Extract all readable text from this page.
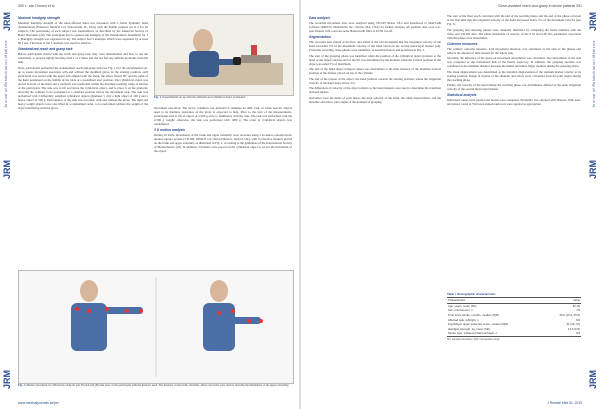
JRM
Journal of Rehabilitation Medicine
JRM
JRM
390 L. van Drunen et al.
Maximal handgrip strength

Maximal handgrip strength of the most-affected hand was measured with a Jamar hydraulic hand dynamometer (Patterson Medical Ltd, Warrenville, IL, USA) with the handle position set at 2 for all subjects. The positioning of each subject was standardized, as described by the American Society of Hand Therapists (22). The participant had to squeeze the handgrip of the dynamometer maximally for 3 s. Handgrip strength was expressed in kg. The subject had 3 attempts, which were separated by at least 60 s rest. The mean of the 3 attempts was used for analysis.

Standardized reach and grasp task

Before participants started with the reach and grasp task, they were instrumented and how to use the sensibality, to prepare lightly and they tried 1 or 2 times and did not feel any definite problems with this task.

Next, participants performed the standardized reach-and-grasp task (see Fig. 1) for the experimental set-up to assess movement execution with and without the modified glove. In the starting position, each participant was seated with the upper arm aligned with the trunk, the elbow flexed 90° and the palm of the hand positioned on the middle of the table at a predefined start position. The cylindrical object was placed in front of the hand and a platform was positioned within the maximal reaching range of motion of the participant. The task was to lift and move the cylindrical object, and to place it on the platform, allowing the cylinder to be positioned at a standard position before the movement task. The task was performed with 2 differently weighted cylindrical objects (diameter 5 cm): a light object of 100 g and a heavy object of 500 g. Performance of the task was recorded, with and without the glove. The light and heavy weight objects were also lifted in a randomized order, to be performed without the weight of the object interfering with the glove.

Fig. 1. Experimental set-up with the platform and cylindrical object positioned.

movement execution. The heavy condition was included to simulate an ADL task, as when heavier objects need to be handled, assistance of the glove is expected to help. Prior to the start of the measurements, participants had to lift an object of 2,500 g once to familiarize with the task. The task was performed with the 2,500 g weight; otherwise, the task was performed with 1000 g. The order of cylindrical objects was randomized.

3 D motion analysis

During all trials, movements of the trunk and upper extremity were recorded using a 6-camera optoelectronic motion-capture system (VICON, NEXUS 1.8, Oxford Metrics, Oxford, UK), with 9 reflective markers placed on the trunk and upper extremity as illustrated in Fig. 2, according to the guidelines of the International Society of Biomechanics (23). In addition, 3 markers were placed on the cylindrical object to record the movement of the object.

Fig. 2. Marker placement for 3D motion analysis. (A) Frontal and (B) side view of the participant with the markers used. The markers on the trunk, shoulder, elbow and wrist were used to describe the kinematics of the upper extremity.
www.medicaljournals.se/jrm
JRM
Journal of Rehabilitation Medicine
JRM
JRM
Glove-assisted reach-and-grasp in stroke patients 391
Data analysis

The recorded movement data were analysed using VICON Nexus 1.8.2 and transferred to MATLAB software (R2015b, MathWorks Inc., Natick, MA, USA) for further analysis. All position data were low-pass filtered with a second-order Butterworth filter at 20 Hz cut-off.

Segmentation

The recorded data started at the first, and ended at the last movement that the tangential velocity of the hand exceeded 5% of the maximum velocity of the hand based on the second metacarpal marker (24). From that recording, three phases were identified, as described below and presented in Fig. 3.

The start of the grasping phase was identified when the position of the cylindrical object (relative to the hand or the object) and the end of the lift was determined by the moment when the vertical position of the object exceeded 5% of maximum.

The end of the hand-object transport phase was determined at the time instance of the maximal vertical position of the marker placed on top of the cylinder.

The end of the release of the object, the hand position towards the starting position, where the tangential velocity of the hand drops below 5%.

The differences in velocity of the object relative to the hand markers were used to determine the transition between phases.

Outcomes were the times of each phase, the peak velocity of the hand, the trunk displacement, and the shoulder and elbow joint angles at the moment of grasping.

The start of the final reach coincided with the end of the reaching phase and the end of the phase occurred at the first time that the tangential velocity of the hand decreased below 5% of the maximum velocity (see Fig. 3).

The grasping and releasing phases were manually identified by comparing the frame numbers with the video and VICON data. The phase thresholds of velocity of the 0.10 and 0.05 m/s parameters associated with this phase were determined.

Outcome measures

The primary outcome measure, total movement duration, was calculated as the sum of the phases and reflects the amount of time needed for the whole task.

Secondly, the influence of the glove on movement smoothness was calculated. The smoothness of the task was computed as the normalized jerk of the hand's trajectory. In addition, the grasping aperture was calculated as the maximal distance between the thumb and index finger markers during the grasping phase.

The trunk displacement was determined as the maximal displacement of the sternum marker relative to its starting position. Range of motion of the shoulder and elbow were calculated from the joint angles during the reaching phase.

Finally, the velocity of the hand during the reaching phase was determined, defined as the peak tangential velocity of the second metacarpal marker.

Statistical analysis

Individual values were plotted and means were computed. Normality was checked with Shapiro–Wilk tests, and paired t-tests or Wilcoxon signed-rank tests were applied as appropriate.

Table I. Demographic characteristics
Characteristic	Value
Age, years, mean (SD)	62 (9)
Sex, men/women, n	7/5
Time since stroke, months, median (IQR)	26.0 (10.3–76.5)
Affected side, left/right, n	6/6
Fugl-Meyer upper extremity score, median (IQR)	41 (32–47)
Handgrip strength, kg, mean (SD)	13.6 (6.5)
Stroke type, ischaemic/haemorrhagic, n	9/3
SD: standard deviation; IQR: interquartile range.
J Rehabil Med 51, 2019
